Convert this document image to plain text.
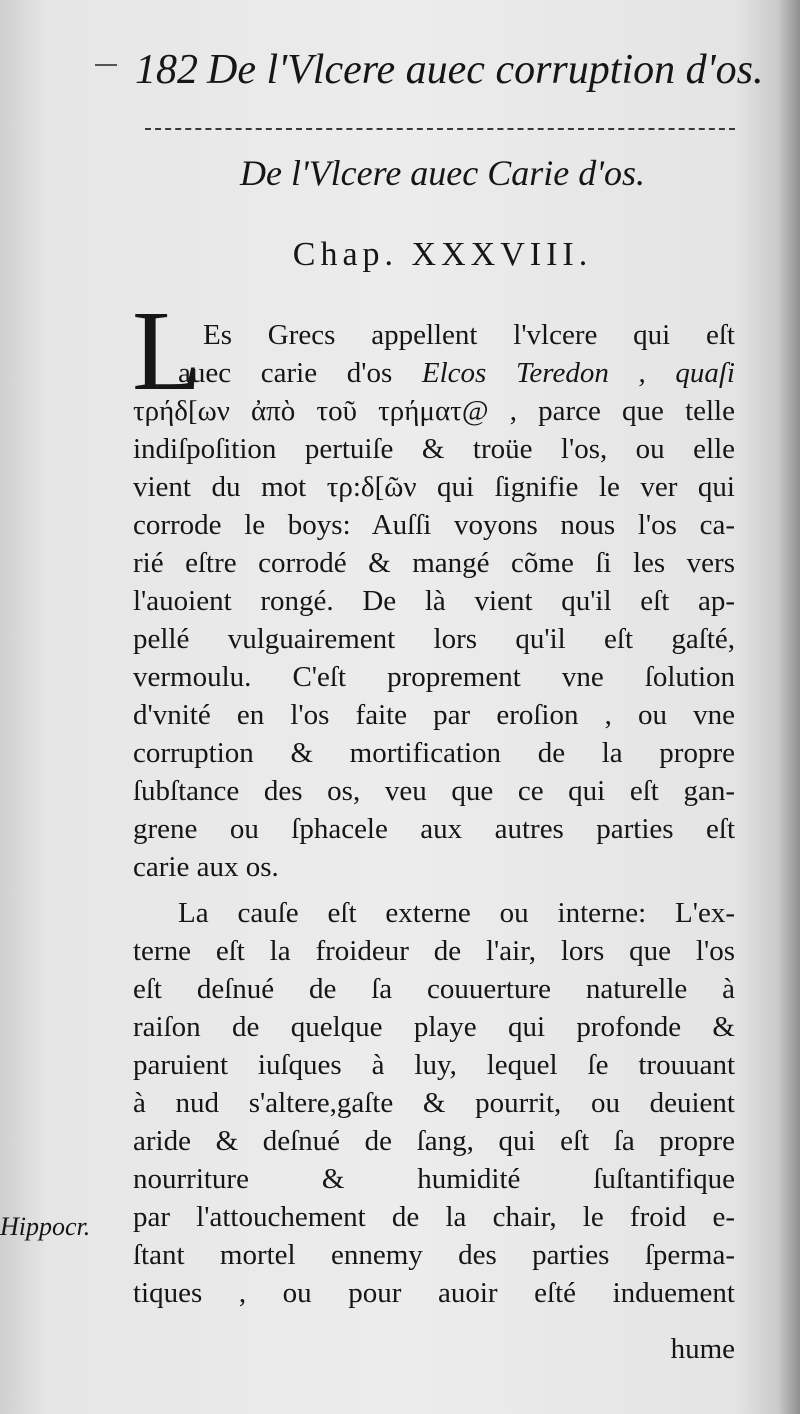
182 De l'Vlcere auec corruption d'os.
De l'Vlcere auec Carie d'os.
Chap. XXXVIII.
L Es Grecs appellent l'vlcere qui eſt
auec carie d'os Elcos Teredon , quaſi
τρήδ[ων ἀπὸ τοῦ τρήματ@ , parce que telle
indiſpoſition pertuiſe & troüe l'os, ou elle
vient du mot τρ:δ[ῶν qui ſignifie le ver qui
corrode le boys: Auſſi voyons nous l'os ca-
rié eſtre corrodé & mangé cõme ſi les vers
l'auoient rongé. De là vient qu'il eſt ap-
pellé vulguairement lors qu'il eſt gaſté,
vermoulu. C'eſt proprement vne ſolution
d'vnité en l'os faite par eroſion , ou vne
corruption & mortification de la propre
ſubſtance des os, veu que ce qui eſt gan-
grene ou ſphacele aux autres parties eſt
carie aux os.
La cauſe eſt externe ou interne: L'ex-
terne eſt la froideur de l'air, lors que l'os
eſt deſnué de ſa couuerture naturelle à
raiſon de quelque playe qui profonde &
paruient iuſques à luy, lequel ſe trouuant
à nud s'altere,gaſte & pourrit, ou deuient
aride & deſnué de ſang, qui eſt ſa propre
nourriture & humidité ſuſtantifique
par l'attouchement de la chair, le froid e-
ſtant mortel ennemy des parties ſperma-
tiques , ou pour auoir eſté induement
Hippocr.
hume
